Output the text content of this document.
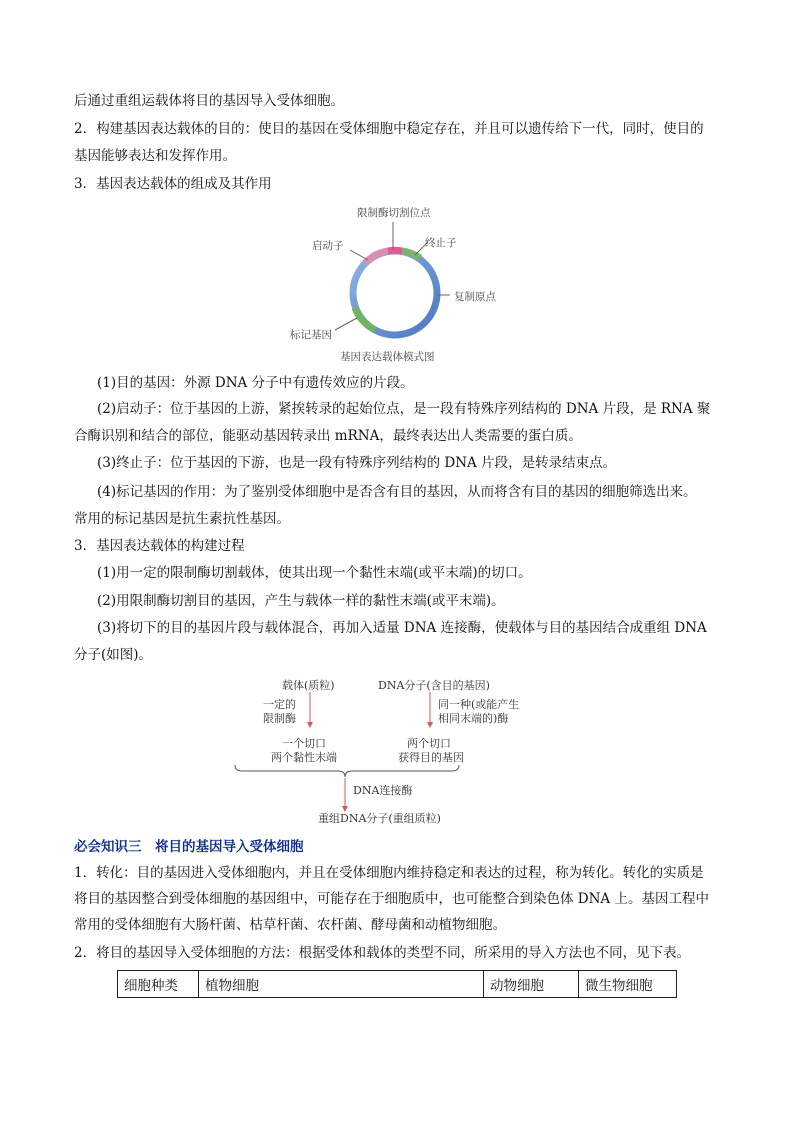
后通过重组运载体将目的基因导入受体细胞。

2．构建基因表达载体的目的：使目的基因在受体细胞中稳定存在，并且可以遗传给下一代，同时，使目的

基因能够表达和发挥作用。

3．基因表达载体的组成及其作用

限制酶切割位点
启动子	终止子
复制原点
标记基因
基因表达载体模式图

(1)目的基因：外源 DNA 分子中有遗传效应的片段。

(2)启动子：位于基因的上游，紧挨转录的起始位点，是一段有特殊序列结构的 DNA 片段，是 RNA 聚

合酶识别和结合的部位，能驱动基因转录出 mRNA，最终表达出人类需要的蛋白质。

(3)终止子：位于基因的下游，也是一段有特殊序列结构的 DNA 片段，是转录结束点。

(4)标记基因的作用：为了鉴别受体细胞中是否含有目的基因，从而将含有目的基因的细胞筛选出来。

常用的标记基因是抗生素抗性基因。

3．基因表达载体的构建过程

(1)用一定的限制酶切割载体，使其出现一个黏性末端(或平末端)的切口。

(2)用限制酶切割目的基因，产生与载体一样的黏性末端(或平末端)。

(3)将切下的目的基因片段与载体混合，再加入适量 DNA 连接酶，使载体与目的基因结合成重组 DNA

分子(如图)。

载体(质粒)	DNA分子(含目的基因)
一定的
限制酶
同一种(或能产生
相同末端的)酶
一个切口
两个黏性末端
两个切口
获得目的基因
DNA连接酶
重组DNA分子(重组质粒)

必会知识三　将目的基因导入受体细胞

1．转化：目的基因进入受体细胞内，并且在受体细胞内维持稳定和表达的过程，称为转化。转化的实质是

将目的基因整合到受体细胞的基因组中，可能存在于细胞质中，也可能整合到染色体 DNA 上。基因工程中

常用的受体细胞有大肠杆菌、枯草杆菌、农杆菌、酵母菌和动植物细胞。

2．将目的基因导入受体细胞的方法：根据受体和载体的类型不同，所采用的导入方法也不同，见下表。

细胞种类	植物细胞	动物细胞	微生物细胞
